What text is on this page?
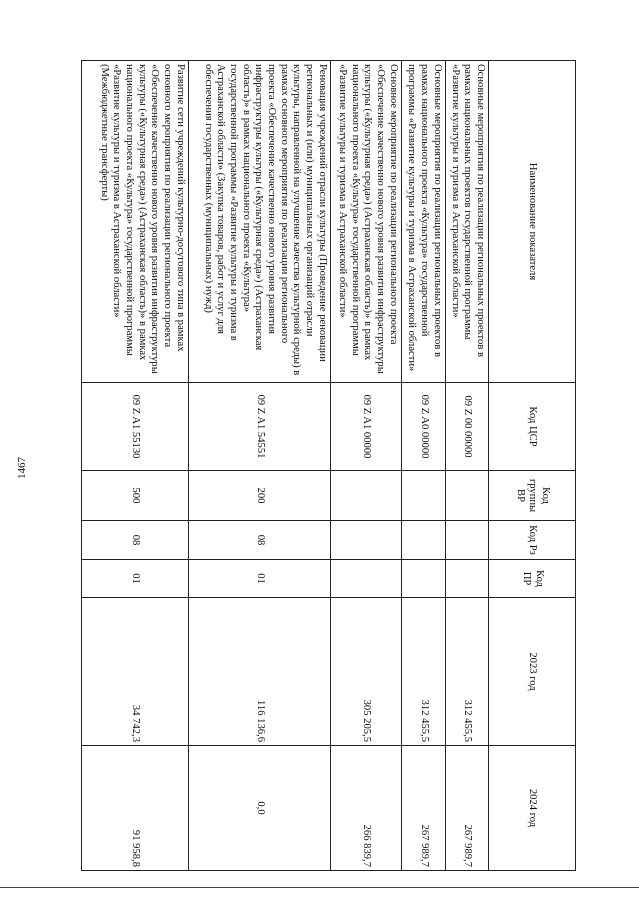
1467
Наименование показателя	Код ЦСР	Код группы ВР	Код Рз	Код ПР	2023 год	2024 год
Основные мероприятия по реализации региональных проектов в рамках национальных проектов государственной программы «Развитие культуры и туризма в Астраханской области»	09 Z 00 00000				312 455,5	267 989,7
Основные мероприятия по реализации региональных проектов в рамках национального проекта «Культура» государственной программы «Развитие культуры и туризма в Астраханской области»	09 Z A0 00000				312 455,5	267 989,7
Основное мероприятие по реализации регионального проекта «Обеспечение качественно нового уровня развития инфраструктуры культуры («Культурная среда») (Астраханская область)» в рамках национального проекта «Культура» государственной программы «Развитие культуры и туризма в Астраханской области»	09 Z A1 00000				305 205,5	266 839,7
Реновация учреждений отрасли культуры (Проведение реновации региональных и (или) муниципальных организаций отрасли культуры, направленной на улучшение качества культурной среды) в рамках основного мероприятия по реализации регионального проекта «Обеспечение качественно нового уровня развития инфраструктуры культуры («Культурная среда») (Астраханская область)» в рамках национального проекта «Культура» государственной программы «Развитие культуры и туризма в Астраханской области» (Закупка товаров, работ и услуг для обеспечения государственных (муниципальных) нужд)	09 Z A1 54551	200	08	01	116 136,6	0,0
Развитие сети учреждений культурно-досугового типа в рамках основного мероприятия по реализации регионального проекта «Обеспечение качественно нового уровня развития инфраструктуры культуры («Культурная среда») (Астраханская область)» в рамках национального проекта «Культура» государственной программы «Развитие культуры и туризма в Астраханской области» (Межбюджетные трансферты)	09 Z A1 55130	500	08	01	34 742,3	91 958,8
